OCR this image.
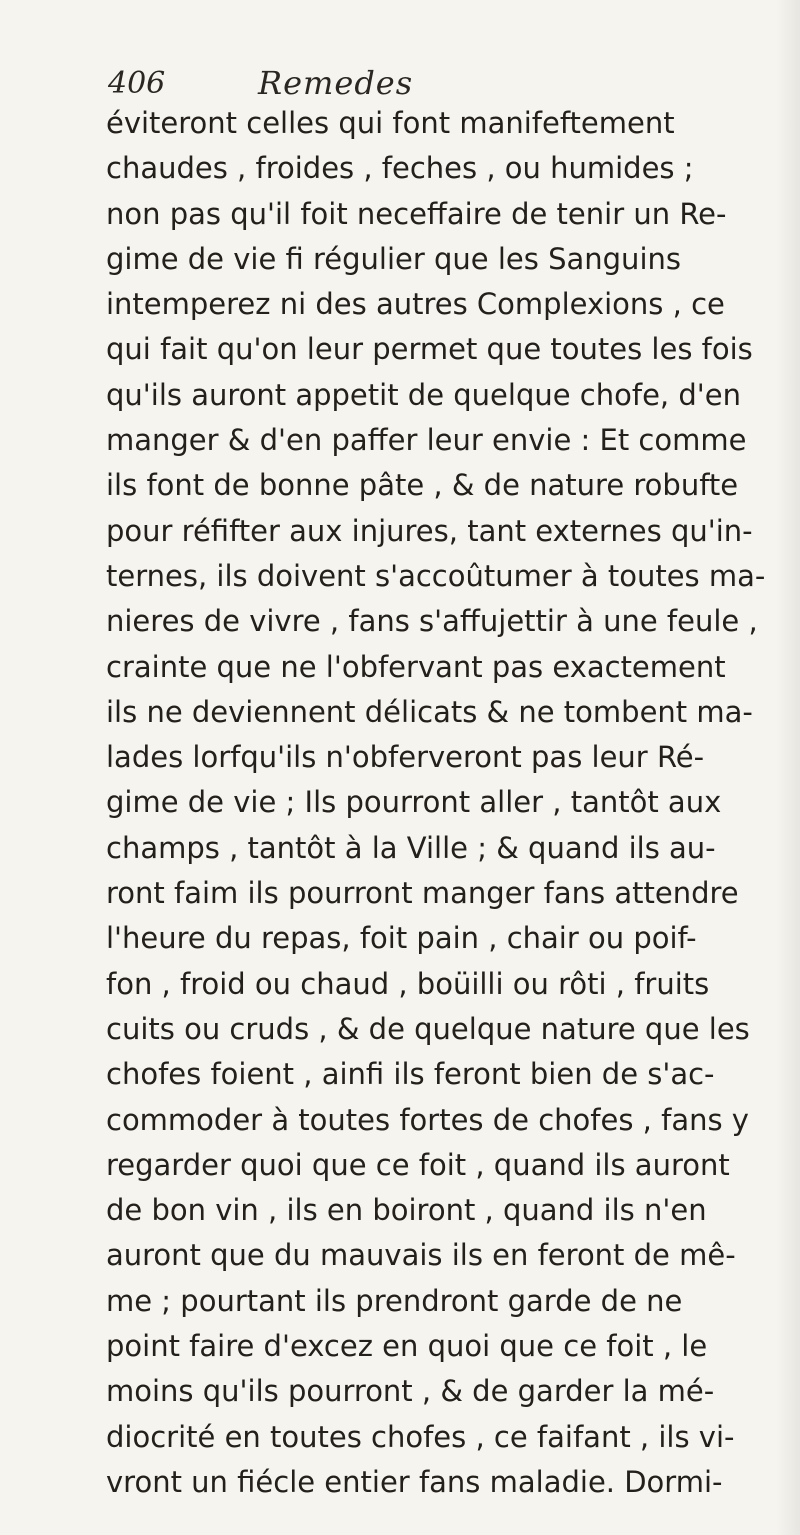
406	Remedes
éviteront celles qui font manifeftement
chaudes , froides , feches , ou humides ;
non pas qu'il foit neceffaire de tenir un Re-
gime de vie fi régulier que les Sanguins
intemperez ni des autres Complexions , ce
qui fait qu'on leur permet que toutes les fois
qu'ils auront appetit de quelque chofe, d'en
manger & d'en paffer leur envie : Et comme
ils font de bonne pâte , & de nature robufte
pour réfifter aux injures, tant externes qu'in-
ternes, ils doivent s'accoûtumer à toutes ma-
nieres de vivre , fans s'affujettir à une feule ,
crainte que ne l'obfervant pas exactement
ils ne deviennent délicats & ne tombent ma-
lades lorfqu'ils n'obferveront pas leur Ré-
gime de vie ; Ils pourront aller , tantôt aux
champs , tantôt à la Ville ; & quand ils au-
ront faim ils pourront manger fans attendre
l'heure du repas, foit pain , chair ou poif-
fon , froid ou chaud , boüilli ou rôti , fruits
cuits ou cruds , & de quelque nature que les
chofes foient , ainfi ils feront bien de s'ac-
commoder à toutes fortes de chofes , fans y
regarder quoi que ce foit , quand ils auront
de bon vin , ils en boiront , quand ils n'en
auront que du mauvais ils en feront de mê-
me ; pourtant ils prendront garde de ne
point faire d'excez en quoi que ce foit , le
moins qu'ils pourront , & de garder la mé-
diocrité en toutes chofes , ce faifant , ils vi-
vront un fiécle entier fans maladie. Dormi-
